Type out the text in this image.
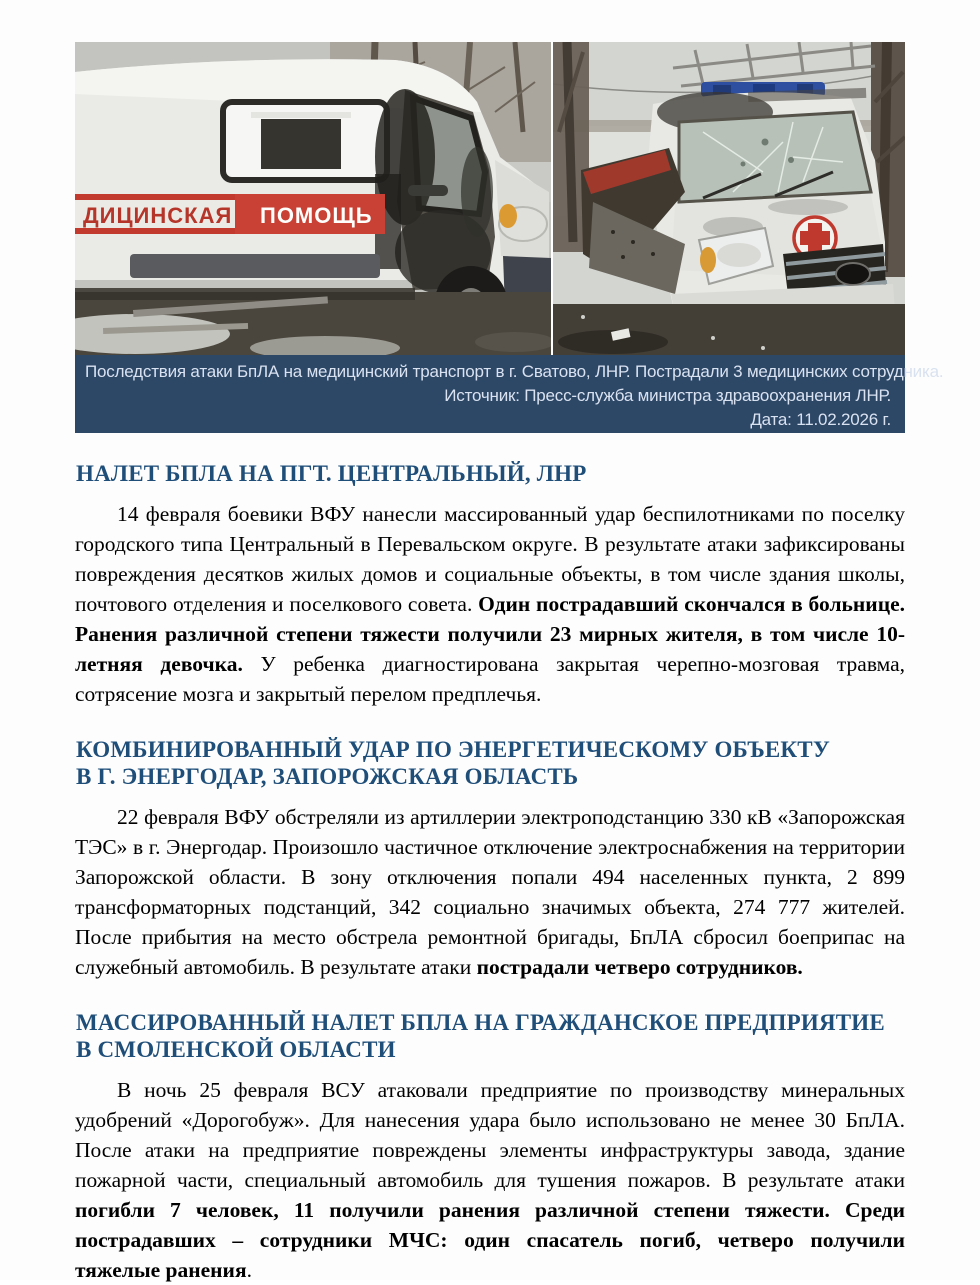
ДИЦИНСКАЯ ПОМОЩЬ
Последствия атаки БпЛА на медицинский транспорт в г. Сватово, ЛНР. Пострадали 3 медицинских сотрудника.
Источник: Пресс-служба министра здравоохранения ЛНР.
Дата: 11.02.2026 г.
НАЛЕТ БПЛА НА ПГТ. ЦЕНТРАЛЬНЫЙ, ЛНР

14 февраля боевики ВФУ нанесли массированный удар беспилотниками по поселку городского типа Центральный в Перевальском округе. В результате атаки зафиксированы повреждения десятков жилых домов и социальные объекты, в том числе здания школы, почтового отделения и поселкового совета. Один пострадавший скончался в больнице. Ранения различной степени тяжести получили 23 мирных жителя, в том числе 10-летняя девочка. У ребенка диагностирована закрытая черепно-мозговая травма, сотрясение мозга и закрытый перелом предплечья.

КОМБИНИРОВАННЫЙ УДАР ПО ЭНЕРГЕТИЧЕСКОМУ ОБЪЕКТУ
В Г. ЭНЕРГОДАР, ЗАПОРОЖСКАЯ ОБЛАСТЬ

22 февраля ВФУ обстреляли из артиллерии электроподстанцию 330 кВ «Запорожская ТЭС» в г. Энергодар. Произошло частичное отключение электроснабжения на территории Запорожской области. В зону отключения попали 494 населенных пункта, 2 899 трансформаторных подстанций, 342 социально значимых объекта, 274 777 жителей. После прибытия на место обстрела ремонтной бригады, БпЛА сбросил боеприпас на служебный автомобиль. В результате атаки пострадали четверо сотрудников.

МАССИРОВАННЫЙ НАЛЕТ БПЛА НА ГРАЖДАНСКОЕ ПРЕДПРИЯТИЕ
В СМОЛЕНСКОЙ ОБЛАСТИ

В ночь 25 февраля ВСУ атаковали предприятие по производству минеральных удобрений «Дорогобуж». Для нанесения удара было использовано не менее 30 БпЛА. После атаки на предприятие повреждены элементы инфраструктуры завода, здание пожарной части, специальный автомобиль для тушения пожаров. В результате атаки погибли 7 человек, 11 получили ранения различной степени тяжести. Среди пострадавших – сотрудники МЧС: один спасатель погиб, четверо получили тяжелые ранения.
